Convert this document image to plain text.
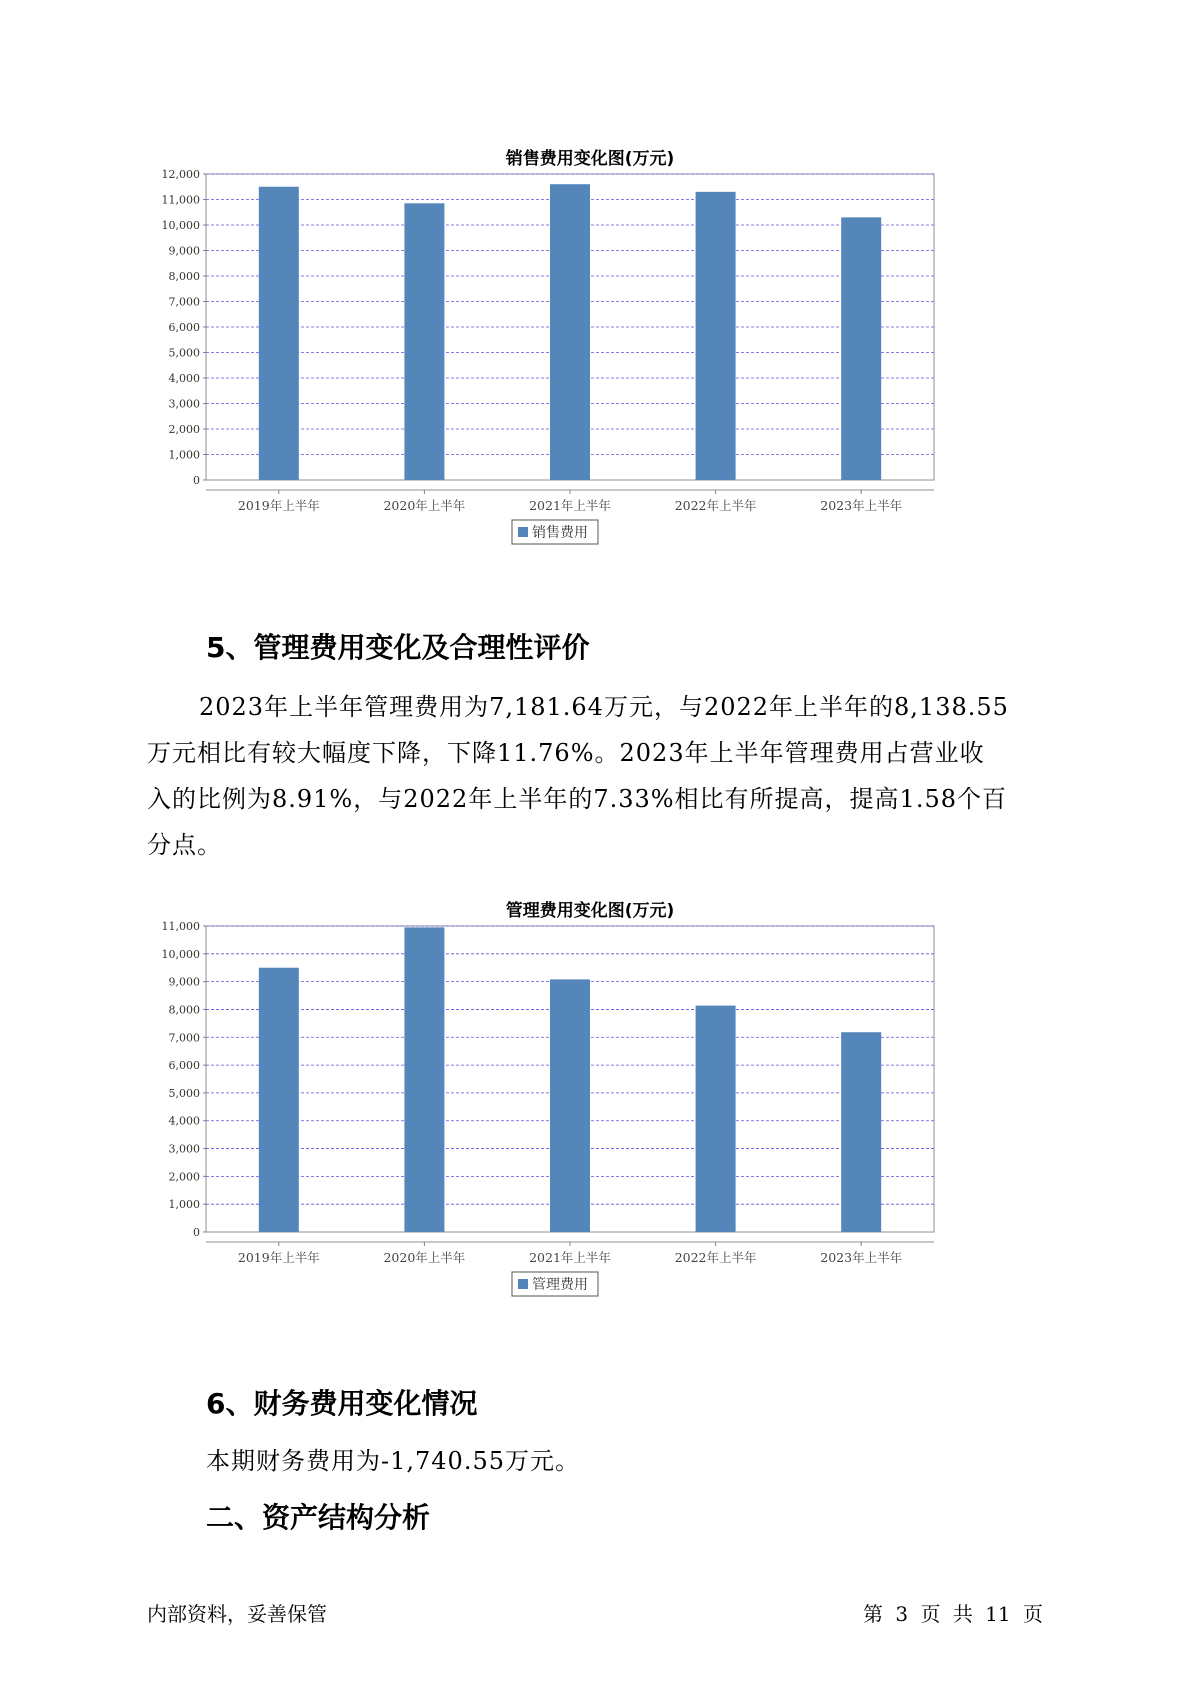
销售费用变化图(万元)
0
1,000
2,000
3,000
4,000
5,000
6,000
7,000
8,000
9,000
10,000
11,000
12,000
2019年上半年	2020年上半年	2021年上半年	2022年上半年	2023年上半年
销售费用
5、管理费用变化及合理性评价
2023年上半年管理费用为7,181.64万元，与2022年上半年的8,138.55
万元相比有较大幅度下降，下降11.76%。2023年上半年管理费用占营业收
入的比例为8.91%，与2022年上半年的7.33%相比有所提高，提高1.58个百
分点。
管理费用变化图(万元)
0
1,000
2,000
3,000
4,000
5,000
6,000
7,000
8,000
9,000
10,000
11,000
2019年上半年	2020年上半年	2021年上半年	2022年上半年	2023年上半年
管理费用
6、财务费用变化情况
本期财务费用为-1,740.55万元。
二、资产结构分析
内部资料，妥善保管	第 3 页 共 11 页
